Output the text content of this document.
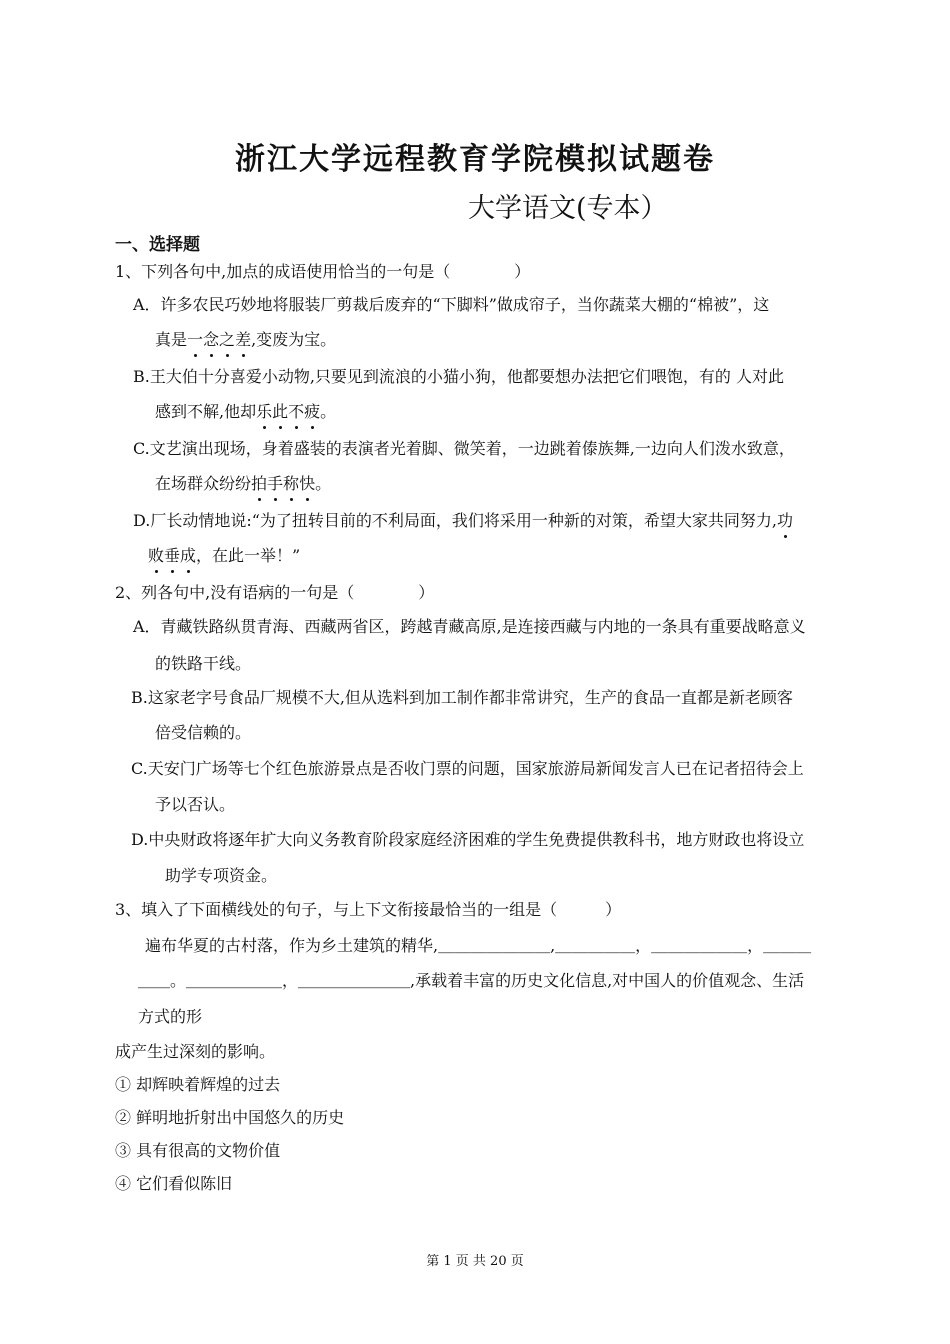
浙江大学远程教育学院模拟试题卷
大学语文(专本）
一、选择题
1、下列各句中,加点的成语使用恰当的一句是（　　　　）
A．许多农民巧妙地将服装厂剪裁后废弃的“下脚料”做成帘子，当你蔬菜大棚的“棉被”，这
真是一念之差,变废为宝。
B.王大伯十分喜爱小动物,只要见到流浪的小猫小狗，他都要想办法把它们喂饱，有的 人对此
感到不解,他却乐此不疲。
C.文艺演出现场，身着盛装的表演者光着脚、微笑着，一边跳着傣族舞,一边向人们泼水致意，
在场群众纷纷拍手称快。
D.厂长动情地说:“为了扭转目前的不利局面，我们将采用一种新的对策，希望大家共同努力,功
败垂成，在此一举！”
2、列各句中,没有语病的一句是（　　　　）
A．青藏铁路纵贯青海、西藏两省区，跨越青藏高原,是连接西藏与内地的一条具有重要战略意义
的铁路干线。
B.这家老字号食品厂规模不大,但从选料到加工制作都非常讲究，生产的食品一直都是新老顾客
倍受信赖的。
C.天安门广场等七个红色旅游景点是否收门票的问题，国家旅游局新闻发言人已在记者招待会上
予以否认。
D.中央财政将逐年扩大向义务教育阶段家庭经济困难的学生免费提供教科书，地方财政也将设立
助学专项资金。
3、填入了下面横线处的句子，与上下文衔接最恰当的一组是（　　　）
遍布华夏的古村落，作为乡土建筑的精华,＿＿＿＿＿＿＿,＿＿＿＿＿，＿＿＿＿＿＿，＿＿＿
＿＿。＿＿＿＿＿＿，＿＿＿＿＿＿＿,承载着丰富的历史文化信息,对中国人的价值观念、生活
方式的形
成产生过深刻的影响。
① 却辉映着辉煌的过去
② 鲜明地折射出中国悠久的历史
③ 具有很高的文物价值
④ 它们看似陈旧
第 1 页 共 20 页
